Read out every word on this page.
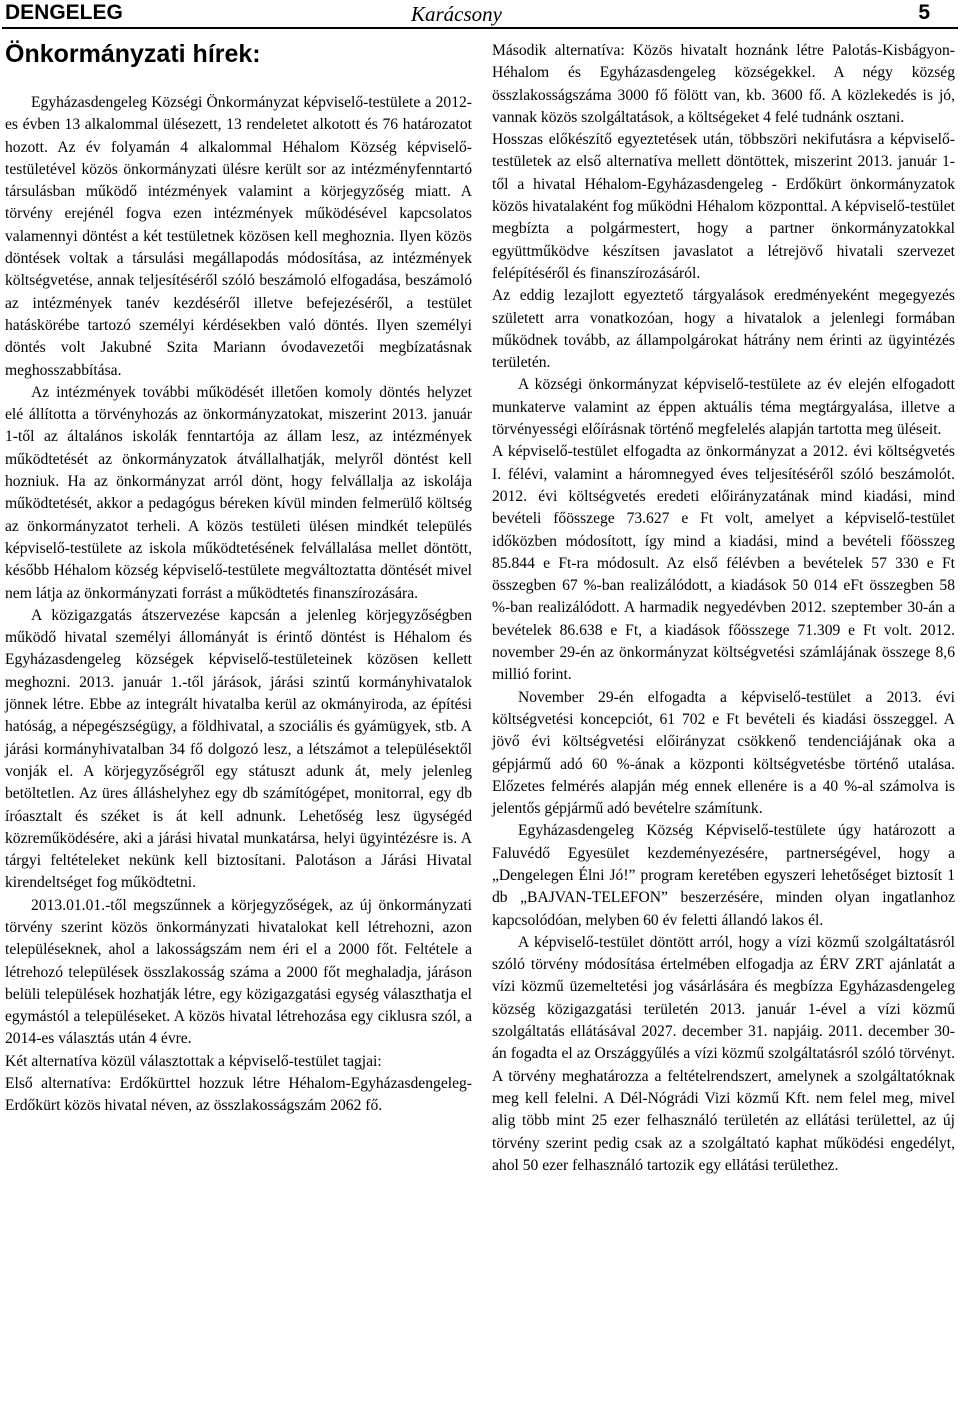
DENGELEG	Karácsony	5
Önkormányzati hírek:

Egyházasdengeleg Községi Önkormányzat képviselő-testülete a 2012-es évben 13 alkalommal ülésezett, 13 rendeletet alkotott és 76 határozatot hozott. Az év folyamán 4 alkalommal Héhalom Község képviselő-testületével közös önkormányzati ülésre került sor az intézményfenntartó társulásban működő intézmények valamint a körjegyzőség miatt. A törvény erejénél fogva ezen intézmények működésével kapcsolatos valamennyi döntést a két testületnek közösen kell meghoznia. Ilyen közös döntések voltak a társulási megállapodás módosítása, az intézmények költségvetése, annak teljesítéséről szóló beszámoló elfogadása, beszámoló az intézmények tanév kezdéséről illetve befejezéséről, a testület hatáskörébe tartozó személyi kérdésekben való döntés. Ilyen személyi döntés volt Jakubné Szita Mariann óvodavezetői megbízatásnak meghosszabbítása.

Az intézmények további működését illetően komoly döntés helyzet elé állította a törvényhozás az önkormányzatokat, miszerint 2013. január 1-től az általános iskolák fenntartója az állam lesz, az intézmények működtetését az önkormányzatok átvállalhatják, melyről döntést kell hozniuk. Ha az önkormányzat arról dönt, hogy felvállalja az iskolája működtetését, akkor a pedagógus béreken kívül minden felmerülő költség az önkormányzatot terheli. A közös testületi ülésen mindkét település képviselő-testülete az iskola működtetésének felvállalása mellet döntött, később Héhalom község képviselő-testülete megváltoztatta döntését mivel nem látja az önkormányzati forrást a működtetés finanszírozására.

A közigazgatás átszervezése kapcsán a jelenleg körjegyzőségben működő hivatal személyi állományát is érintő döntést is Héhalom és Egyházasdengeleg községek képviselő-testületeinek közösen kellett meghozni. 2013. január 1.-től járások, járási szintű kormányhivatalok jönnek létre. Ebbe az integrált hivatalba kerül az okmányiroda, az építési hatóság, a népegészségügy, a földhivatal, a szociális és gyámügyek, stb. A járási kormányhivatalban 34 fő dolgozó lesz, a létszámot a településektől vonják el. A körjegyzőségről egy státuszt adunk át, mely jelenleg betöltetlen. Az üres álláshelyhez egy db számítógépet, monitorral, egy db íróasztalt és széket is át kell adnunk. Lehetőség lesz ügységéd közreműködésére, aki a járási hivatal munkatársa, helyi ügyintézésre is. A tárgyi feltételeket nekünk kell biztosítani. Palotáson a Járási Hivatal kirendeltséget fog működtetni.

2013.01.01.-től megszűnnek a körjegyzőségek, az új önkormányzati törvény szerint közös önkormányzati hivatalokat kell létrehozni, azon településeknek, ahol a lakosságszám nem éri el a 2000 főt. Feltétele a létrehozó települések összlakosság száma a 2000 főt meghaladja, járáson belüli települések hozhatják létre, egy közigazgatási egység választhatja el egymástól a településeket. A közös hivatal létrehozása egy ciklusra szól, a 2014-es választás után 4 évre.

Két alternatíva közül választottak a képviselő-testület tagjai:

Első alternatíva: Erdőkürttel hozzuk létre Héhalom-Egyházasdengeleg- Erdőkürt közös hivatal néven, az összlakosságszám 2062 fő.

Második alternatíva: Közös hivatalt hoznánk létre Palotás-Kisbágyon- Héhalom és Egyházasdengeleg községekkel. A négy község összlakosságszáma 3000 fő fölött van, kb. 3600 fő. A közlekedés is jó, vannak közös szolgáltatások, a költségeket 4 felé tudnánk osztani.

Hosszas előkészítő egyeztetések után, többszöri nekifutásra a képviselő-testületek az első alternatíva mellett döntöttek, miszerint 2013. január 1-től a hivatal Héhalom-Egyházasdengeleg - Erdőkürt önkormányzatok közös hivatalaként fog működni Héhalom központtal. A képviselő-testület megbízta a polgármestert, hogy a partner önkormányzatokkal együttműködve készítsen javaslatot a létrejövő hivatali szervezet felépítéséről és finanszírozásáról.

Az eddig lezajlott egyeztető tárgyalások eredményeként megegyezés született arra vonatkozóan, hogy a hivatalok a jelenlegi formában működnek tovább, az állampolgárokat hátrány nem érinti az ügyintézés területén.

A községi önkormányzat képviselő-testülete az év elején elfogadott munkaterve valamint az éppen aktuális téma megtárgyalása, illetve a törvényességi előírásnak történő megfelelés alapján tartotta meg üléseit.

A képviselő-testület elfogadta az önkormányzat a 2012. évi költségvetés I. félévi, valamint a háromnegyed éves teljesítéséről szóló beszámolót. 2012. évi költségvetés eredeti előirányzatának mind kiadási, mind bevételi főösszege 73.627 e Ft volt, amelyet a képviselő-testület időközben módosított, így mind a kiadási, mind a bevételi főösszeg 85.844 e Ft-ra módosult. Az első félévben a bevételek 57 330 e Ft összegben 67 %-ban realizálódott, a kiadások 50 014 eFt összegben 58 %-ban realizálódott. A harmadik negyedévben 2012. szeptember 30-án a bevételek 86.638 e Ft, a kiadások főösszege 71.309 e Ft volt. 2012. november 29-én az önkormányzat költségvetési számlájának összege 8,6 millió forint.

November 29-én elfogadta a képviselő-testület a 2013. évi költségvetési koncepciót, 61 702 e Ft bevételi és kiadási összeggel. A jövő évi költségvetési előirányzat csökkenő tendenciájának oka a gépjármű adó 60 %-ának a központi költségvetésbe történő utalása. Előzetes felmérés alapján még ennek ellenére is a 40 %-al számolva is jelentős gépjármű adó bevételre számítunk.

Egyházasdengeleg Község Képviselő-testülete úgy határozott a Faluvédő Egyesület kezdeményezésére, partnerségével, hogy a „Dengelegen Élni Jó!” program keretében egyszeri lehetőséget biztosít 1 db „BAJVAN-TELEFON” beszerzésére, minden olyan ingatlanhoz kapcsolódóan, melyben 60 év feletti állandó lakos él.

A képviselő-testület döntött arról, hogy a vízi közmű szolgáltatásról szóló törvény módosítása értelmében elfogadja az ÉRV ZRT ajánlatát a vízi közmű üzemeltetési jog vásárlására és megbízza Egyházasdengeleg község közigazgatási területén 2013. január 1-ével a vízi közmű szolgáltatás ellátásával 2027. december 31. napjáig. 2011. december 30-án fogadta el az Országgyűlés a vízi közmű szolgáltatásról szóló törvényt. A törvény meghatározza a feltételrendszert, amelynek a szolgáltatóknak meg kell felelni. A Dél-Nógrádi Vizi közmű Kft. nem felel meg, mivel alig több mint 25 ezer felhasználó területén az ellátási területtel, az új törvény szerint pedig csak az a szolgáltató kaphat működési engedélyt, ahol 50 ezer felhasználó tartozik egy ellátási területhez.
